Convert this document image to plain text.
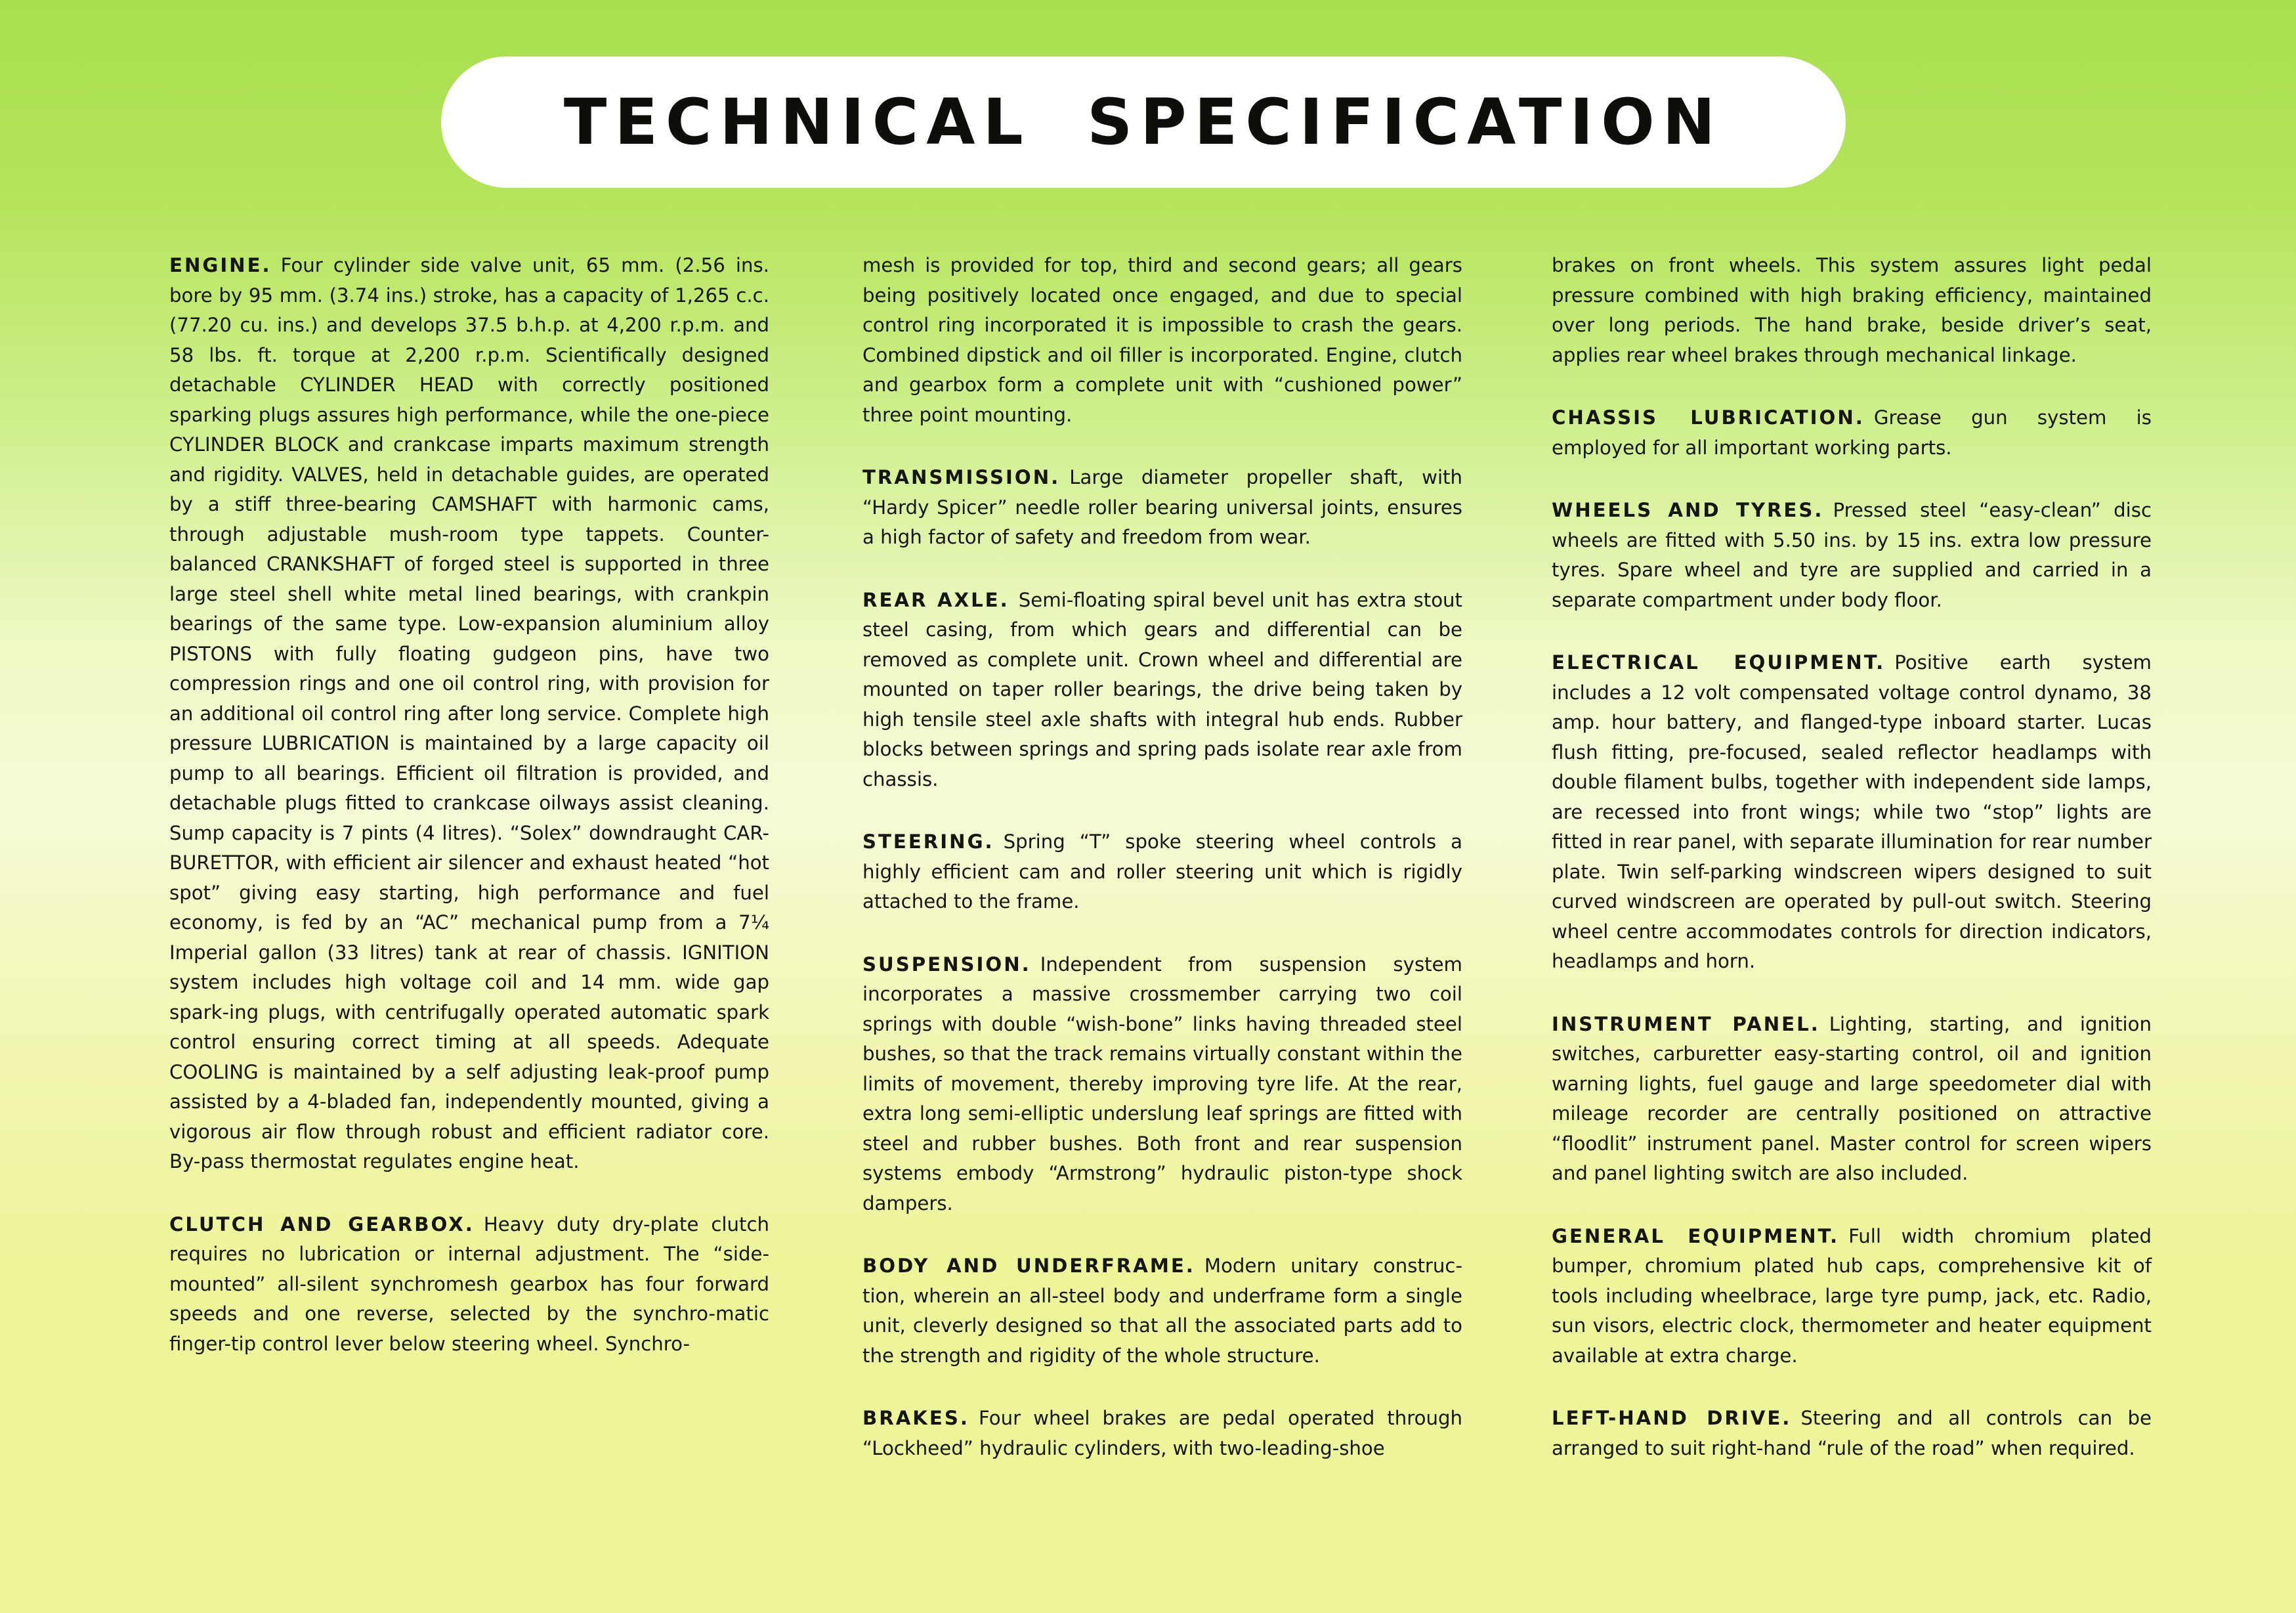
TECHNICAL SPECIFICATION

ENGINE. Four cylinder side valve unit, 65 mm. (2.56 ins. bore by 95 mm. (3.74 ins.) stroke, has a capacity of 1,265 c.c. (77.20 cu. ins.) and develops 37.5 b.h.p. at 4,200 r.p.m. and 58 lbs. ft. torque at 2,200 r.p.m. Scientifically designed detachable CYLINDER HEAD with correctly positioned sparking plugs assures high performance, while the one-piece CYLINDER BLOCK and crankcase imparts maximum strength and rigidity. VALVES, held in detachable guides, are operated by a stiff three-bearing CAMSHAFT with harmonic cams, through adjustable mush-room type tappets. Counter-balanced CRANKSHAFT of forged steel is supported in three large steel shell white metal lined bearings, with crankpin bearings of the same type. Low-expansion aluminium alloy PISTONS with fully floating gudgeon pins, have two compression rings and one oil control ring, with provision for an additional oil control ring after long service. Complete high pressure LUBRICATION is maintained by a large capacity oil pump to all bearings. Efficient oil filtration is provided, and detachable plugs fitted to crankcase oilways assist cleaning. Sump capacity is 7 pints (4 litres). “Solex” downdraught CAR-BURETTOR, with efficient air silencer and exhaust heated “hot spot” giving easy starting, high performance and fuel economy, is fed by an “AC” mechanical pump from a 7¼ Imperial gallon (33 litres) tank at rear of chassis. IGNITION system includes high voltage coil and 14 mm. wide gap spark-ing plugs, with centrifugally operated automatic spark control ensuring correct timing at all speeds. Adequate COOLING is maintained by a self adjusting leak-proof pump assisted by a 4-bladed fan, independently mounted, giving a vigorous air flow through robust and efficient radiator core. By-pass thermostat regulates engine heat.

CLUTCH AND GEARBOX. Heavy duty dry-plate clutch requires no lubrication or internal adjustment. The “side-mounted” all-silent synchromesh gearbox has four forward speeds and one reverse, selected by the synchro-matic finger-tip control lever below steering wheel. Synchro-

mesh is provided for top, third and second gears; all gears being positively located once engaged, and due to special control ring incorporated it is impossible to crash the gears. Combined dipstick and oil filler is incorporated. Engine, clutch and gearbox form a complete unit with “cushioned power” three point mounting.

TRANSMISSION. Large diameter propeller shaft, with “Hardy Spicer” needle roller bearing universal joints, ensures a high factor of safety and freedom from wear.

REAR AXLE. Semi-floating spiral bevel unit has extra stout steel casing, from which gears and differential can be removed as complete unit. Crown wheel and differential are mounted on taper roller bearings, the drive being taken by high tensile steel axle shafts with integral hub ends. Rubber blocks between springs and spring pads isolate rear axle from chassis.

STEERING. Spring “T” spoke steering wheel controls a highly efficient cam and roller steering unit which is rigidly attached to the frame.

SUSPENSION. Independent from suspension system incorporates a massive crossmember carrying two coil springs with double “wish-bone” links having threaded steel bushes, so that the track remains virtually constant within the limits of movement, thereby improving tyre life. At the rear, extra long semi-elliptic underslung leaf springs are fitted with steel and rubber bushes. Both front and rear suspension systems embody “Armstrong” hydraulic piston-type shock dampers.

BODY AND UNDERFRAME. Modern unitary construc-tion, wherein an all-steel body and underframe form a single unit, cleverly designed so that all the associated parts add to the strength and rigidity of the whole structure.

BRAKES. Four wheel brakes are pedal operated through “Lockheed” hydraulic cylinders, with two-leading-shoe

brakes on front wheels. This system assures light pedal pressure combined with high braking efficiency, maintained over long periods. The hand brake, beside driver’s seat, applies rear wheel brakes through mechanical linkage.

CHASSIS LUBRICATION. Grease gun system is employed for all important working parts.

WHEELS AND TYRES. Pressed steel “easy-clean” disc wheels are fitted with 5.50 ins. by 15 ins. extra low pressure tyres. Spare wheel and tyre are supplied and carried in a separate compartment under body floor.

ELECTRICAL EQUIPMENT. Positive earth system includes a 12 volt compensated voltage control dynamo, 38 amp. hour battery, and flanged-type inboard starter. Lucas flush fitting, pre-focused, sealed reflector headlamps with double filament bulbs, together with independent side lamps, are recessed into front wings; while two “stop” lights are fitted in rear panel, with separate illumination for rear number plate. Twin self-parking windscreen wipers designed to suit curved windscreen are operated by pull-out switch. Steering wheel centre accommodates controls for direction indicators, headlamps and horn.

INSTRUMENT PANEL. Lighting, starting, and ignition switches, carburetter easy-starting control, oil and ignition warning lights, fuel gauge and large speedometer dial with mileage recorder are centrally positioned on attractive “floodlit” instrument panel. Master control for screen wipers and panel lighting switch are also included.

GENERAL EQUIPMENT. Full width chromium plated bumper, chromium plated hub caps, comprehensive kit of tools including wheelbrace, large tyre pump, jack, etc. Radio, sun visors, electric clock, thermometer and heater equipment available at extra charge.

LEFT-HAND DRIVE. Steering and all controls can be arranged to suit right-hand “rule of the road” when required.
